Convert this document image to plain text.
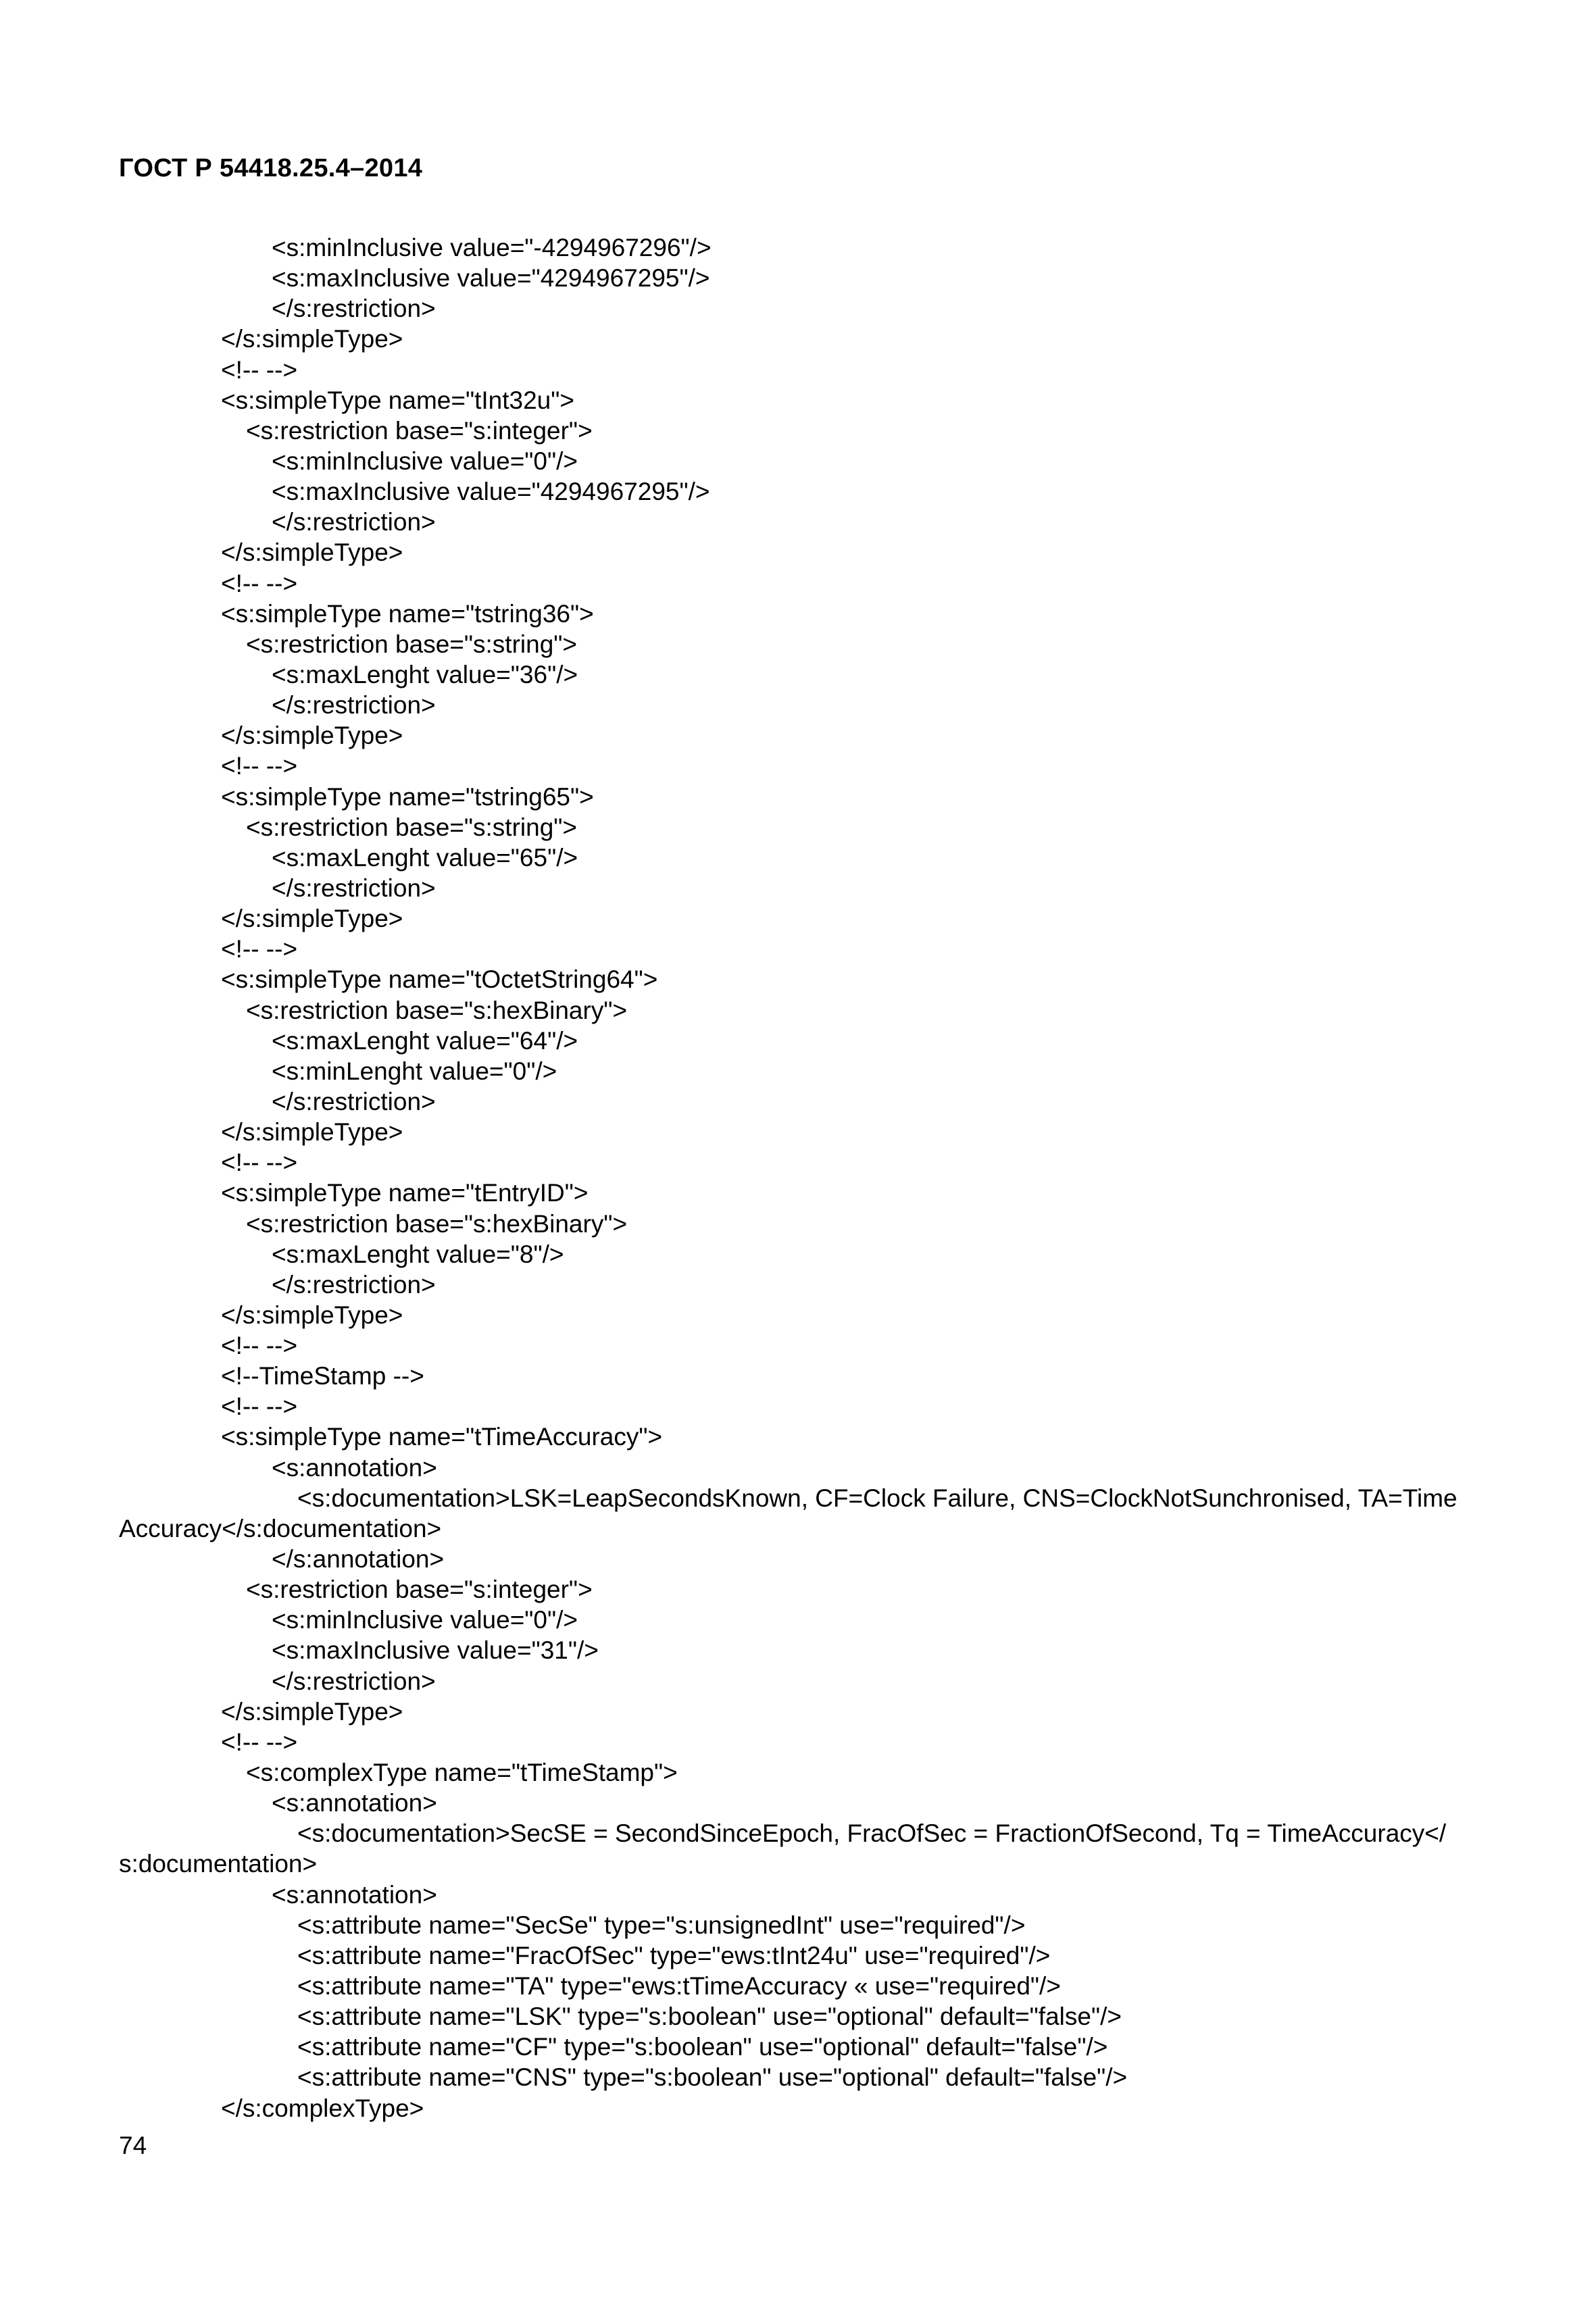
ГОСТ Р 54418.25.4–2014
<s:minInclusive value="-4294967296"/>
<s:maxInclusive value="4294967295"/>
</s:restriction>
</s:simpleType>
<!-- -->
<s:simpleType name="tInt32u">
<s:restriction base="s:integer">
<s:minInclusive value="0"/>
<s:maxInclusive value="4294967295"/>
</s:restriction>
</s:simpleType>
<!-- -->
<s:simpleType name="tstring36">
<s:restriction base="s:string">
<s:maxLenght value="36"/>
</s:restriction>
</s:simpleType>
<!-- -->
<s:simpleType name="tstring65">
<s:restriction base="s:string">
<s:maxLenght value="65"/>
</s:restriction>
</s:simpleType>
<!-- -->
<s:simpleType name="tOctetString64">
<s:restriction base="s:hexBinary">
<s:maxLenght value="64"/>
<s:minLenght value="0"/>
</s:restriction>
</s:simpleType>
<!-- -->
<s:simpleType name="tEntryID">
<s:restriction base="s:hexBinary">
<s:maxLenght value="8"/>
</s:restriction>
</s:simpleType>
<!-- -->
<!--TimeStamp -->
<!-- -->
<s:simpleType name="tTimeAccuracy">
<s:annotation>
<s:documentation>LSK=LeapSecondsKnown, CF=Clock Failure, CNS=ClockNotSunchronised, TA=Time
Accuracy</s:documentation>
</s:annotation>
<s:restriction base="s:integer">
<s:minInclusive value="0"/>
<s:maxInclusive value="31"/>
</s:restriction>
</s:simpleType>
<!-- -->
<s:complexType name="tTimeStamp">
<s:annotation>
<s:documentation>SecSE = SecondSinceEpoch, FracOfSec = FractionOfSecond, Tq = TimeAccuracy</
s:documentation>
<s:annotation>
<s:attribute name="SecSe" type="s:unsignedInt" use="required"/>
<s:attribute name="FracOfSec" type="ews:tInt24u" use="required"/>
<s:attribute name="TA" type="ews:tTimeAccuracy « use="required"/>
<s:attribute name="LSK" type="s:boolean" use="optional" default="false"/>
<s:attribute name="CF" type="s:boolean" use="optional" default="false"/>
<s:attribute name="CNS" type="s:boolean" use="optional" default="false"/>
</s:complexType>
74
